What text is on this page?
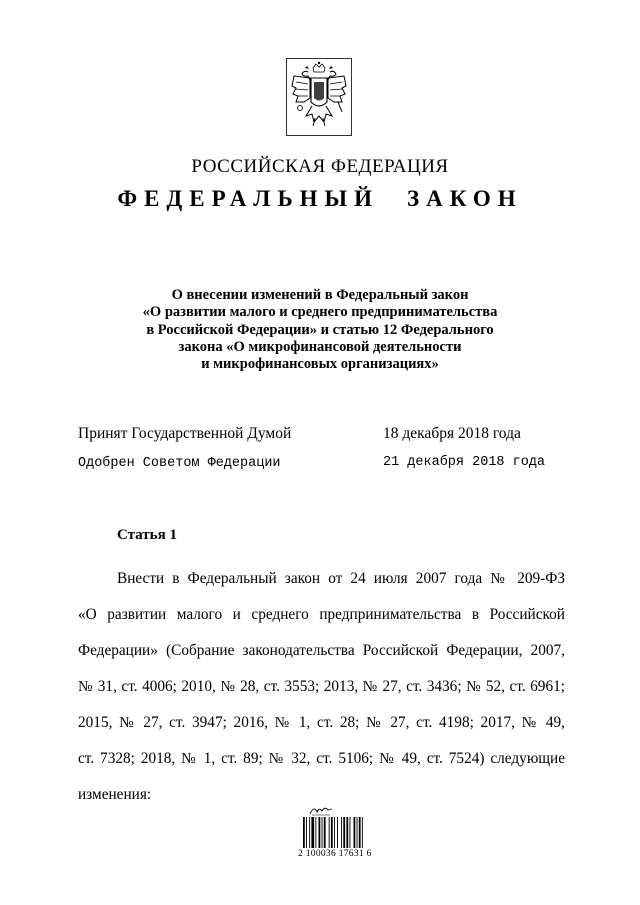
РОССИЙСКАЯ ФЕДЕРАЦИЯ
ФЕДЕРАЛЬНЫЙ ЗАКОН
О внесении изменений в Федеральный закон
«О развитии малого и среднего предпринимательства
в Российской Федерации» и статью 12 Федерального
закона «О микрофинансовой деятельности
и микрофинансовых организациях»
Принят Государственной Думой	18 декабря 2018 года
Одобрен Советом Федерации	21 декабря 2018 года
Статья 1
Внести в Федеральный закон от 24 июля 2007 года № 209-ФЗ
«О развитии малого и среднего предпринимательства в Российской
Федерации» (Собрание законодательства Российской Федерации, 2007,
№ 31, ст. 4006; 2010, № 28, ст. 3553; 2013, № 27, ст. 3436; № 52, ст. 6961;
2015, № 27, ст. 3947; 2016, № 1, ст. 28; № 27, ст. 4198; 2017, № 49,
ст. 7328; 2018, № 1, ст. 89; № 32, ст. 5106; № 49, ст. 7524) следующие
изменения:
2 100036 17631 6
